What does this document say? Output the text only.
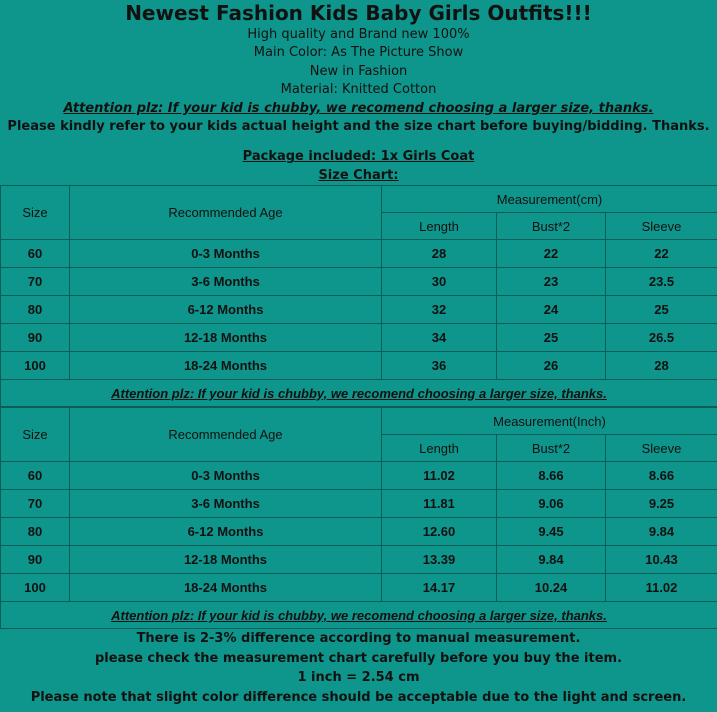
Newest Fashion Kids Baby Girls Outfits!!!
High quality and Brand new 100%
Main Color: As The Picture Show
New in Fashion
Material: Knitted Cotton
Attention plz: If your kid is chubby, we recomend choosing a larger size, thanks.
Please kindly refer to your kids actual height and the size chart before buying/bidding. Thanks.
Package included: 1x Girls Coat
Size Chart:
Size	Recommended Age	Measurement(cm)		
		Length	Bust*2	Sleeve
60	0-3 Months	28	22	22
70	3-6 Months	30	23	23.5
80	6-12 Months	32	24	25
90	12-18 Months	34	25	26.5
100	18-24 Months	36	26	28
Attention plz: If your kid is chubby, we recomend choosing a larger size, thanks.				
Size	Recommended Age	Measurement(Inch)		
		Length	Bust*2	Sleeve
60	0-3 Months	11.02	8.66	8.66
70	3-6 Months	11.81	9.06	9.25
80	6-12 Months	12.60	9.45	9.84
90	12-18 Months	13.39	9.84	10.43
100	18-24 Months	14.17	10.24	11.02
Attention plz: If your kid is chubby, we recomend choosing a larger size, thanks.				
There is 2-3% difference according to manual measurement.
please check the measurement chart carefully before you buy the item.
1 inch = 2.54 cm
Please note that slight color difference should be acceptable due to the light and screen.
